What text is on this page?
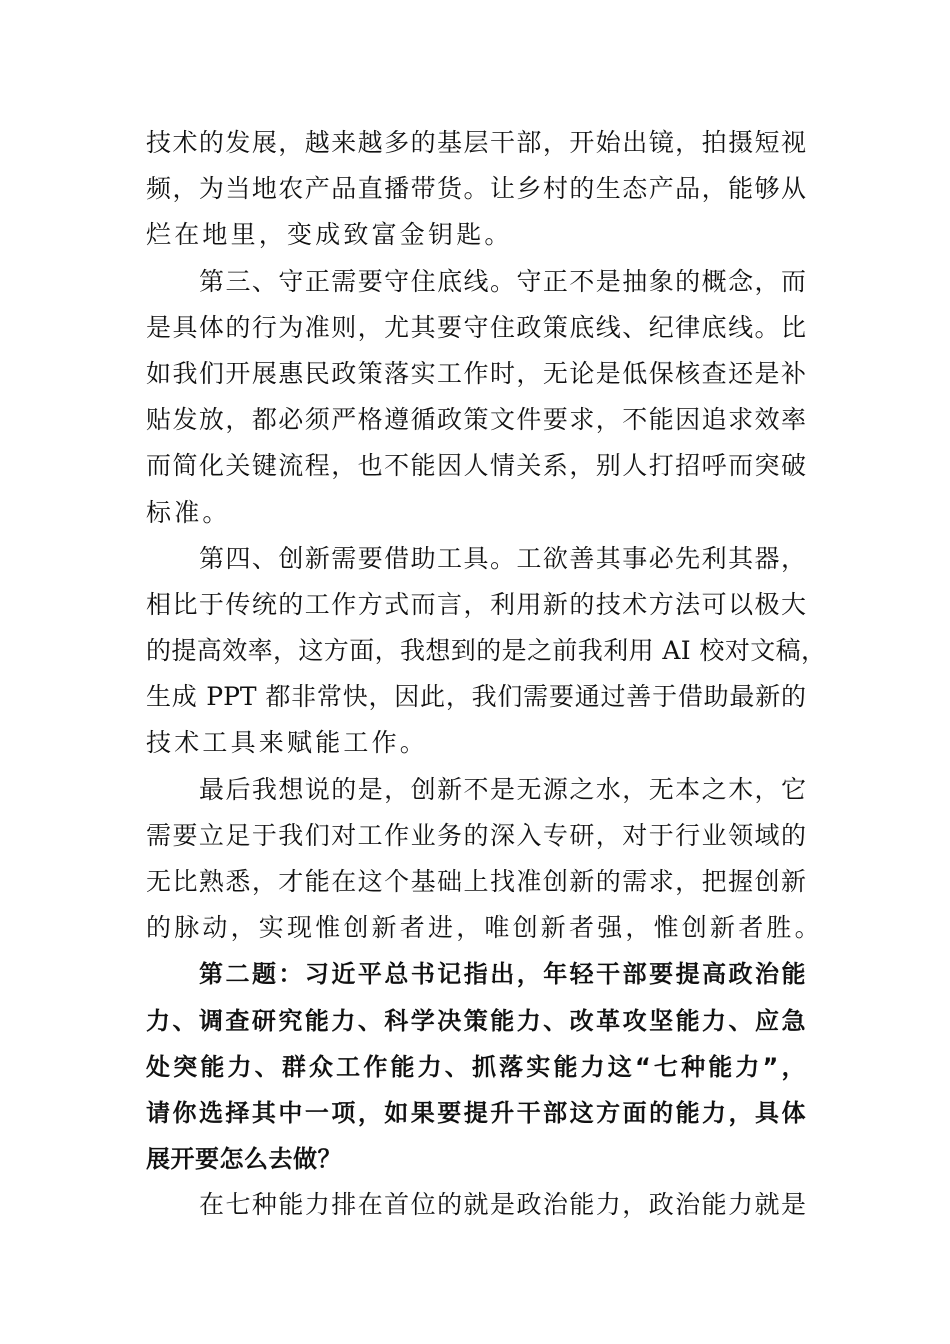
技术的发展，越来越多的基层干部，开始出镜，拍摄短视
频，为当地农产品直播带货。让乡村的生态产品，能够从
烂在地里，变成致富金钥匙。
第三、守正需要守住底线。守正不是抽象的概念，而
是具体的行为准则，尤其要守住政策底线、纪律底线。比
如我们开展惠民政策落实工作时，无论是低保核查还是补
贴发放，都必须严格遵循政策文件要求，不能因追求效率
而简化关键流程，也不能因人情关系，别人打招呼而突破
标准。
第四、创新需要借助工具。工欲善其事必先利其器，
相比于传统的工作方式而言，利用新的技术方法可以极大
的提高效率，这方面，我想到的是之前我利用 AI 校对文稿，
生成 PPT 都非常快，因此，我们需要通过善于借助最新的
技术工具来赋能工作。
最后我想说的是，创新不是无源之水，无本之木，它
需要立足于我们对工作业务的深入专研，对于行业领域的
无比熟悉，才能在这个基础上找准创新的需求，把握创新
的脉动，实现惟创新者进，唯创新者强，惟创新者胜。
第二题：习近平总书记指出，年轻干部要提高政治能
力、调查研究能力、科学决策能力、改革攻坚能力、应急
处突能力、群众工作能力、抓落实能力这“七种能力”，
请你选择其中一项，如果要提升干部这方面的能力，具体
展开要怎么去做？
在七种能力排在首位的就是政治能力，政治能力就是
